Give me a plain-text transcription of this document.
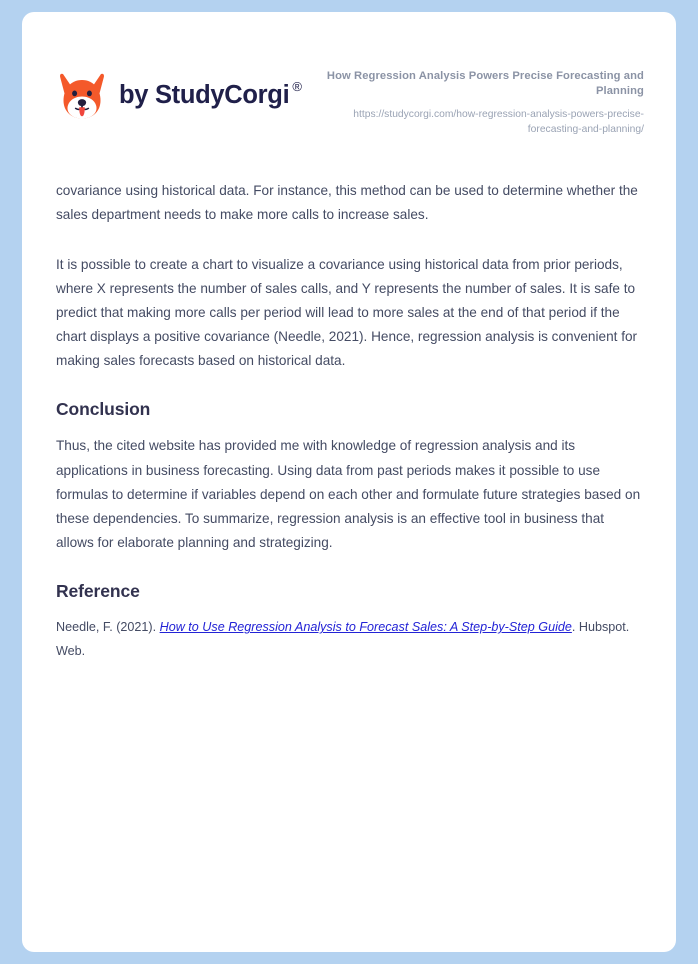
by StudyCorgi ®
How Regression Analysis Powers Precise Forecasting and Planning
https://studycorgi.com/how-regression-analysis-powers-precise-forecasting-and-planning/

covariance using historical data. For instance, this method can be used to determine whether the sales department needs to make more calls to increase sales.

It is possible to create a chart to visualize a covariance using historical data from prior periods, where X represents the number of sales calls, and Y represents the number of sales. It is safe to predict that making more calls per period will lead to more sales at the end of that period if the chart displays a positive covariance (Needle, 2021). Hence, regression analysis is convenient for making sales forecasts based on historical data.

Conclusion

Thus, the cited website has provided me with knowledge of regression analysis and its applications in business forecasting. Using data from past periods makes it possible to use formulas to determine if variables depend on each other and formulate future strategies based on these dependencies. To summarize, regression analysis is an effective tool in business that allows for elaborate planning and strategizing.

Reference

Needle, F. (2021). How to Use Regression Analysis to Forecast Sales: A Step-by-Step Guide. Hubspot. Web.
